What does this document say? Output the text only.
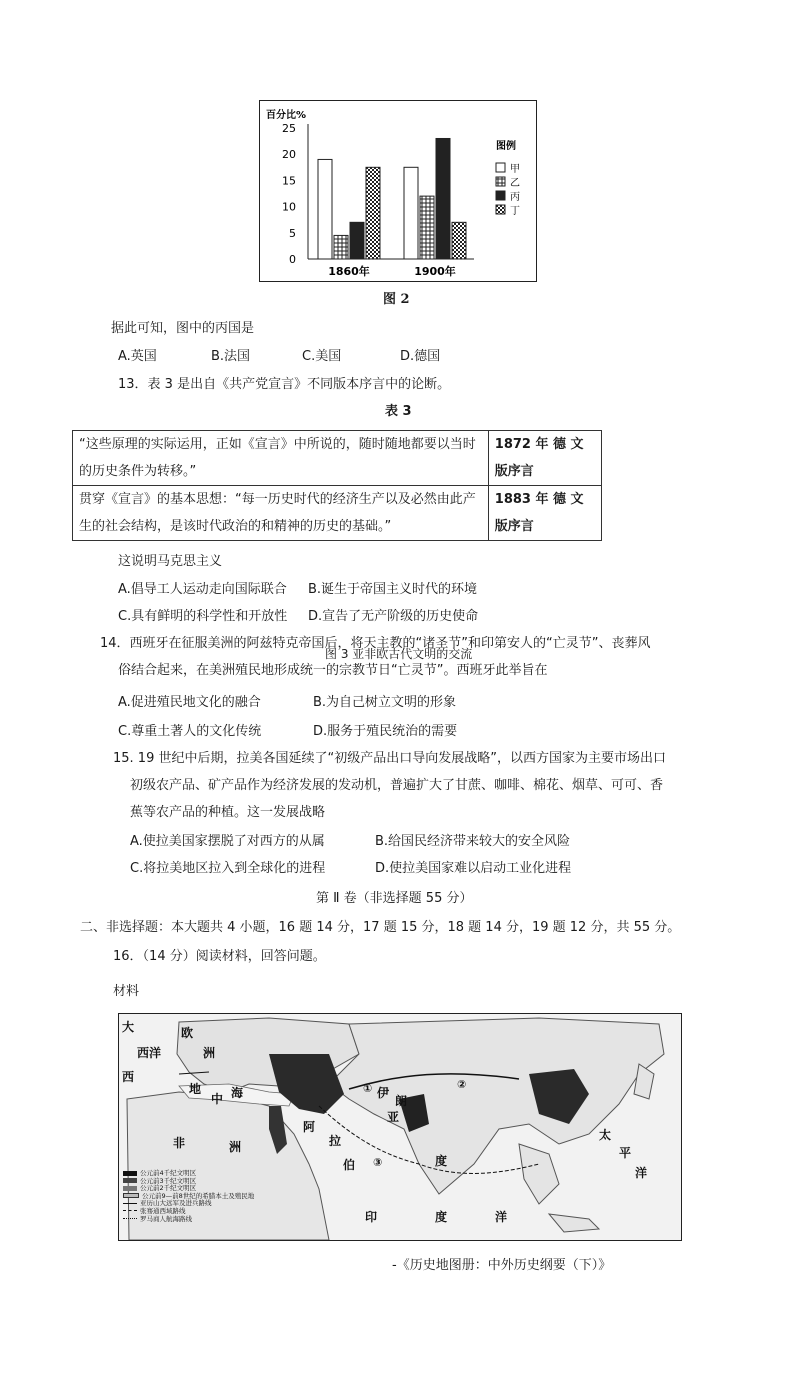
百分比%
25
20
15
10
5
0
1860年	1900年
图例
甲
乙
丙
丁
图 2
据此可知，图中的丙国是
A.英国	B.法国	C.美国	D.德国
13．表 3 是出自《共产党宣言》不同版本序言中的论断。
表 3
“这些原理的实际运用，正如《宣言》中所说的，随时随地都要以当时的历史条件为转移。”	1872 年 德 文 版序言
贯穿《宣言》的基本思想：“每一历史时代的经济生产以及必然由此产生的社会结构，是该时代政治的和精神的历史的基础。”	1883 年 德 文 版序言
这说明马克思主义
A.倡导工人运动走向国际联合 B.诞生于帝国主义时代的环境
C.具有鲜明的科学性和开放性 D.宣告了无产阶级的历史使命
14．西班牙在征服美洲的阿兹特克帝国后，将天主教的“诸圣节”和印第安人的“亡灵节”、丧葬风
图 3 亚非欧古代文明的交流
俗结合起来，在美洲殖民地形成统一的宗教节日“亡灵节”。西班牙此举旨在
A.促进殖民地文化的融合	B.为自己树立文明的形象
C.尊重土著人的文化传统	D.服务于殖民统治的需要
15. 19 世纪中后期，拉美各国延续了“初级产品出口导向发展战略”，以西方国家为主要市场出口
初级农产品、矿产品作为经济发展的发动机，普遍扩大了甘蔗、咖啡、棉花、烟草、可可、香
蕉等农产品的种植。这一发展战略
A.使拉美国家摆脱了对西方的从属	B.给国民经济带来较大的安全风险
C.将拉美地区拉入到全球化的进程	D.使拉美国家难以启动工业化进程
第 Ⅱ 卷（非选择题 55 分）
二、非选择题：本大题共 4 小题，16 题 14 分，17 题 15 分，18 题 14 分，19 题 12 分，共 55 分。
16．（14 分）阅读材料，回答问题。
材料
大
西洋
欧
洲
西
地
中 海
阿
拉
伯
非	洲
印	度	洋
伊
朗
亚
度
太
平
洋
①	②
③
公元前4千纪文明区
公元前3千纪文明区
公元前2千纪文明区
公元前9—前8世纪的希腊本土及殖民地
亚历山大远军及进兵路线
张骞通西域路线
罗马商人航海路线
-《历史地图册：中外历史纲要（下）》
